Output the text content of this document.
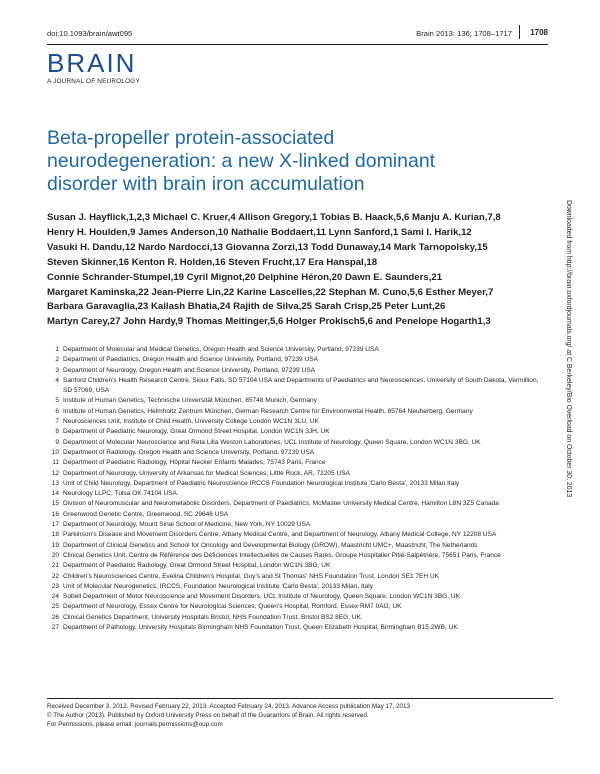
doi:10.1093/brain/awt095	Brain 2013: 136; 1708–1717 1708
BRAIN
A JOURNAL OF NEUROLOGY
Beta-propeller protein-associated
neurodegeneration: a new X-linked dominant
disorder with brain iron accumulation
Susan J. Hayflick,1,2,3 Michael C. Kruer,4 Allison Gregory,1 Tobias B. Haack,5,6 Manju A. Kurian,7,8
Henry H. Houlden,9 James Anderson,10 Nathalie Boddaert,11 Lynn Sanford,1 Sami I. Harik,12
Vasuki H. Dandu,12 Nardo Nardocci,13 Giovanna Zorzi,13 Todd Dunaway,14 Mark Tarnopolsky,15
Steven Skinner,16 Kenton R. Holden,16 Steven Frucht,17 Era Hanspal,18
Connie Schrander-Stumpel,19 Cyril Mignot,20 Delphine Héron,20 Dawn E. Saunders,21
Margaret Kaminska,22 Jean-Pierre Lin,22 Karine Lascelles,22 Stephan M. Cuno,5,6 Esther Meyer,7
Barbara Garavaglia,23 Kailash Bhatia,24 Rajith de Silva,25 Sarah Crisp,25 Peter Lunt,26
Martyn Carey,27 John Hardy,9 Thomas Meitinger,5,6 Holger Prokisch5,6 and Penelope Hogarth1,3	Downloaded from http://brain.oxfordjournals.org/ at C Berkeley/Bio Overload on October 30, 2013
1 Department of Molecular and Medical Genetics, Oregon Health and Science University, Portland, 97239 USA
2 Department of Paediatrics, Oregon Health and Science University, Portland, 97239 USA
3 Department of Neurology, Oregon Health and Science University, Portland, 97239 USA
4 Sanford Children's Health Research Centre, Sioux Falls, SD 57104 USA and Departments of Paediatrics and Neurosciences, University of South Dakota, Vermillion, SD 57069, USA
5 Institute of Human Genetics, Technische Universität München, 85748 Munich, Germany
6 Institute of Human Genetics, Helmholtz Zentrum München, German Research Centre for Environmental Health, 85764 Neuherberg, Germany
7 Neurosciences Unit, Institute of Child Health, University College London WC1N 3LU, UK
8 Department of Paediatric Neurology, Great Ormond Street Hospital, London WC1N 3JH, UK
9 Department of Molecular Neuroscience and Reta Lilla Weston Laboratories, UCL Institute of Neurology, Queen Square, London WC1N 3BG, UK
10 Department of Radiology, Oregon Health and Science University, Portland, 97239 USA
11 Department of Paediatric Radiology, Hôpital Necker Enfants Malades, 75743 Paris, France
12 Department of Neurology, University of Arkansas for Medical Sciences, Little Rock, AR, 72205 USA
13 Unit of Child Neurology, Department of Paediatric Neuroscience IRCCS Foundation Neurological Institute 'Carlo Besta', 20133 Milan Italy
14 Neurology LLPC, Tulsa OK 74104 USA
15 Division of Neuromuscular and Neurometabolic Disorders, Department of Paediatrics, McMaster University Medical Centre, Hamilton L8N 3Z5 Canada
16 Greenwood Genetic Centre, Greenwood, SC 29646 USA
17 Department of Neurology, Mount Sinai School of Medicine, New York, NY 10029 USA
18 Parkinson's Disease and Movement Disorders Centre, Albany Medical Centre, and Department of Neurology, Albany Medical College, NY 12208 USA
19 Department of Clinical Genetics and School for Oncology and Developmental Biology (GROW), Maastricht UMC+, Maastricht, The Netherlands
20 Clinical Genetics Unit, Centre de Référence des Déficiences Intellectuelles de Causes Rares, Groupe Hospitalier Pitié-Salpêtrière, 75651 Paris, France
21 Department of Paediatric Radiology, Great Ormond Street Hospital, London WC1N 3BG, UK
22 Children's Neurosciences Centre, Evelina Children's Hospital, Guy's and St Thomas' NHS Foundation Trust, London SE1 7EH UK
23 Unit of Molecular Neurogenetics, IRCCS, Foundation Neurological Institute 'Carlo Besta', 20133 Milan, Italy
24 Sobell Department of Motor Neuroscience and Movement Disorders, UCL Institute of Neurology, Queen Square, London WC1N 3BG, UK
25 Department of Neurology, Essex Centre for Neurological Sciences, Queen's Hospital, Romford, Essex RM7 0AG, UK
26 Clinical Genetics Department, University Hospitals Bristol, NHS Foundation Trust, Bristol BS2 8EG, UK
27 Department of Pathology, University Hospitals Birmingham NHS Foundation Trust, Queen Elizabeth Hospital, Birmingham B15 2WB, UK
Received December 3, 2012. Revised February 22, 2013. Accepted February 24, 2013. Advance Access publication May 17, 2013
© The Author (2013). Published by Oxford University Press on behalf of the Guarantors of Brain. All rights reserved.
For Permissions, please email: journals.permissions@oup.com
